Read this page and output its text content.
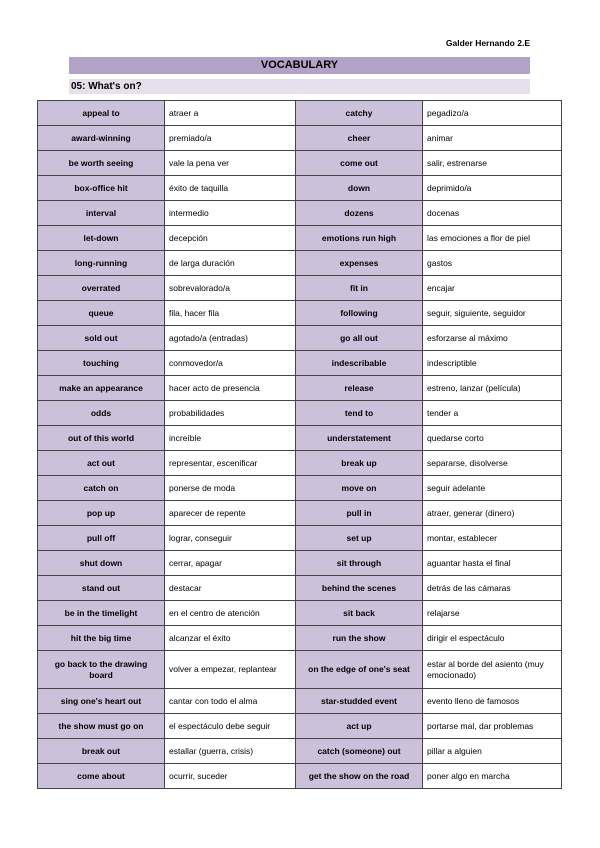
Galder Hernando 2.E
VOCABULARY
05: What's on?
appeal to	atraer a	catchy	pegadizo/a
award-winning	premiado/a	cheer	animar
be worth seeing	vale la pena ver	come out	salir, estrenarse
box-office hit	éxito de taquilla	down	deprimido/a
interval	intermedio	dozens	docenas
let-down	decepción	emotions run high	las emociones a flor de piel
long-running	de larga duración	expenses	gastos
overrated	sobrevalorado/a	fit in	encajar
queue	fila, hacer fila	following	seguir, siguiente, seguidor
sold out	agotado/a (entradas)	go all out	esforzarse al máximo
touching	conmovedor/a	indescribable	indescriptible
make an appearance	hacer acto de presencia	release	estreno, lanzar (película)
odds	probabilidades	tend to	tender a
out of this world	increíble	understatement	quedarse corto
act out	representar, escenificar	break up	separarse, disolverse
catch on	ponerse de moda	move on	seguir adelante
pop up	aparecer de repente	pull in	atraer, generar (dinero)
pull off	lograr, conseguir	set up	montar, establecer
shut down	cerrar, apagar	sit through	aguantar hasta el final
stand out	destacar	behind the scenes	detrás de las cámaras
be in the timelight	en el centro de atención	sit back	relajarse
hit the big time	alcanzar el éxito	run the show	dirigir el espectáculo
go back to the drawing board	volver a empezar, replantear	on the edge of one's seat	estar al borde del asiento (muy emocionado)
sing one's heart out	cantar con todo el alma	star-studded event	evento lleno de famosos
the show must go on	el espectáculo debe seguir	act up	portarse mal, dar problemas
break out	estallar (guerra, crisis)	catch (someone) out	pillar a alguien
come about	ocurrir, suceder	get the show on the road	poner algo en marcha
